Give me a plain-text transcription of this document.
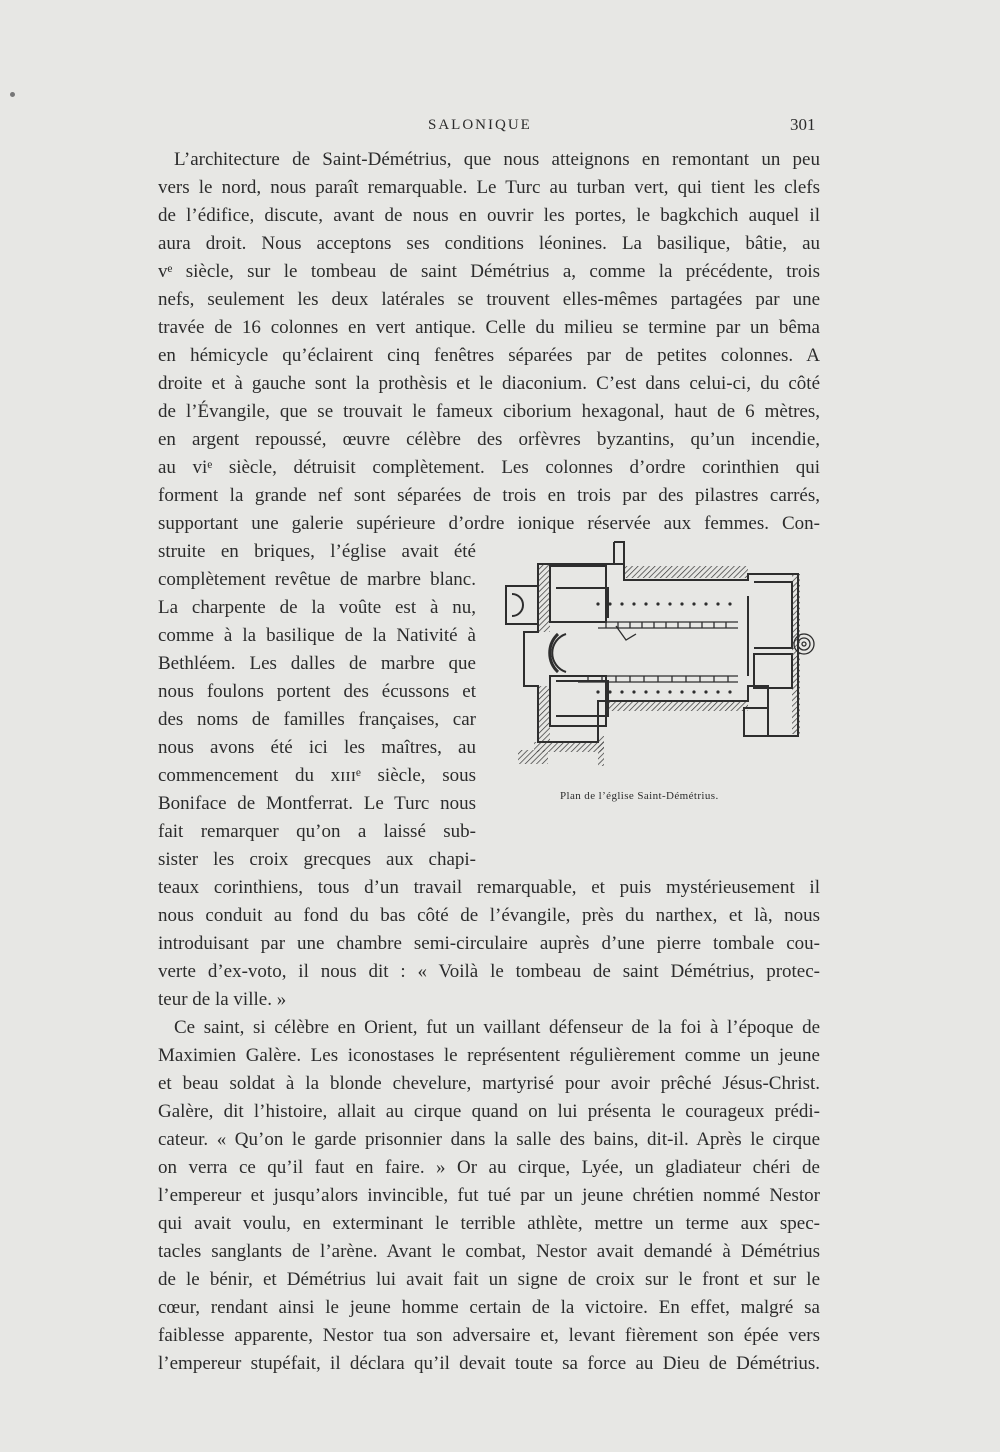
SALONIQUE	301
L’architecture de Saint-Démétrius, que nous atteignons en remontant un peu
vers le nord, nous paraît remarquable. Le Turc au turban vert, qui tient les clefs
de l’édifice, discute, avant de nous en ouvrir les portes, le bagkchich auquel il
aura droit. Nous acceptons ses conditions léonines. La basilique, bâtie, au
vᵉ siècle, sur le tombeau de saint Démétrius a, comme la précédente, trois
nefs, seulement les deux latérales se trouvent elles-mêmes partagées par une
travée de 16 colonnes en vert antique. Celle du milieu se termine par un bêma
en hémicycle qu’éclairent cinq fenêtres séparées par de petites colonnes. A
droite et à gauche sont la prothèsis et le diaconium. C’est dans celui-ci, du côté
de l’Évangile, que se trouvait le fameux ciborium hexagonal, haut de 6 mètres,
en argent repoussé, œuvre célèbre des orfèvres byzantins, qu’un incendie,
au viᵉ siècle, détruisit complètement. Les colonnes d’ordre corinthien qui
forment la grande nef sont séparées de trois en trois par des pilastres carrés,
supportant une galerie supérieure d’ordre ionique réservée aux femmes. Con-
struite en briques, l’église avait été
complètement revêtue de marbre blanc.
La charpente de la voûte est à nu,
comme à la basilique de la Nativité à
Bethléem. Les dalles de marbre que
nous foulons portent des écussons et
des noms de familles françaises, car
nous avons été ici les maîtres, au
commencement du xɪɪɪᵉ siècle, sous
Boniface de Montferrat. Le Turc nous
fait remarquer qu’on a laissé sub-
sister les croix grecques aux chapi-
teaux corinthiens, tous d’un travail remarquable, et puis mystérieusement il
nous conduit au fond du bas côté de l’évangile, près du narthex, et là, nous
introduisant par une chambre semi-circulaire auprès d’une pierre tombale cou-
verte d’ex-voto, il nous dit : « Voilà le tombeau de saint Démétrius, protec-
teur de la ville. »
Ce saint, si célèbre en Orient, fut un vaillant défenseur de la foi à l’époque de
Maximien Galère. Les iconostases le représentent régulièrement comme un jeune
et beau soldat à la blonde chevelure, martyrisé pour avoir prêché Jésus-Christ.
Galère, dit l’histoire, allait au cirque quand on lui présenta le courageux prédi-
cateur. « Qu’on le garde prisonnier dans la salle des bains, dit-il. Après le cirque
on verra ce qu’il faut en faire. » Or au cirque, Lyée, un gladiateur chéri de
l’empereur et jusqu’alors invincible, fut tué par un jeune chrétien nommé Nestor
qui avait voulu, en exterminant le terrible athlète, mettre un terme aux spec-
tacles sanglants de l’arène. Avant le combat, Nestor avait demandé à Démétrius
de le bénir, et Démétrius lui avait fait un signe de croix sur le front et sur le
cœur, rendant ainsi le jeune homme certain de la victoire. En effet, malgré sa
faiblesse apparente, Nestor tua son adversaire et, levant fièrement son épée vers
l’empereur stupéfait, il déclara qu’il devait toute sa force au Dieu de Démétrius.
Plan de l’église Saint-Démétrius.
